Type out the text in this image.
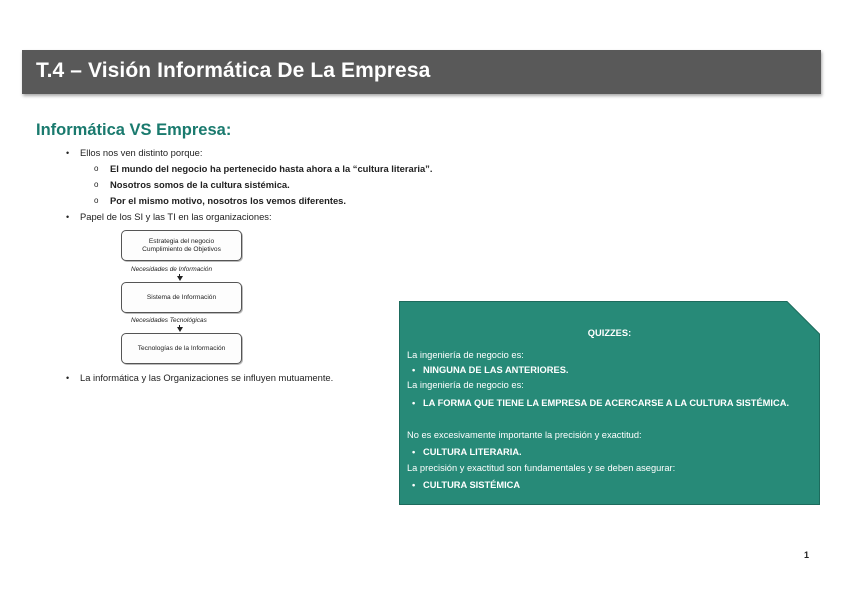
T.4 – Visión Informática De La Empresa
Informática VS Empresa:
• Ellos nos ven distinto porque:
o El mundo del negocio ha pertenecido hasta ahora a la “cultura literaria”.
o Nosotros somos de la cultura sistémica.
o Por el mismo motivo, nosotros los vemos diferentes.
• Papel de los SI y las TI en las organizaciones:
• La informática y las Organizaciones se influyen mutuamente.
Estrategia del negocio
Cumplimiento de Objetivos
Necesidades de Información
Sistema de Información
Necesidades Tecnológicas
Tecnologías de la Información
QUIZZES:
La ingeniería de negocio es:
• NINGUNA DE LAS ANTERIORES.
La ingeniería de negocio es:
• LA FORMA QUE TIENE LA EMPRESA DE ACERCARSE A LA CULTURA SISTÉMICA.
No es excesivamente importante la precisión y exactitud:
• CULTURA LITERARIA.
La precisión y exactitud son fundamentales y se deben asegurar:
• CULTURA SISTÉMICA
1
